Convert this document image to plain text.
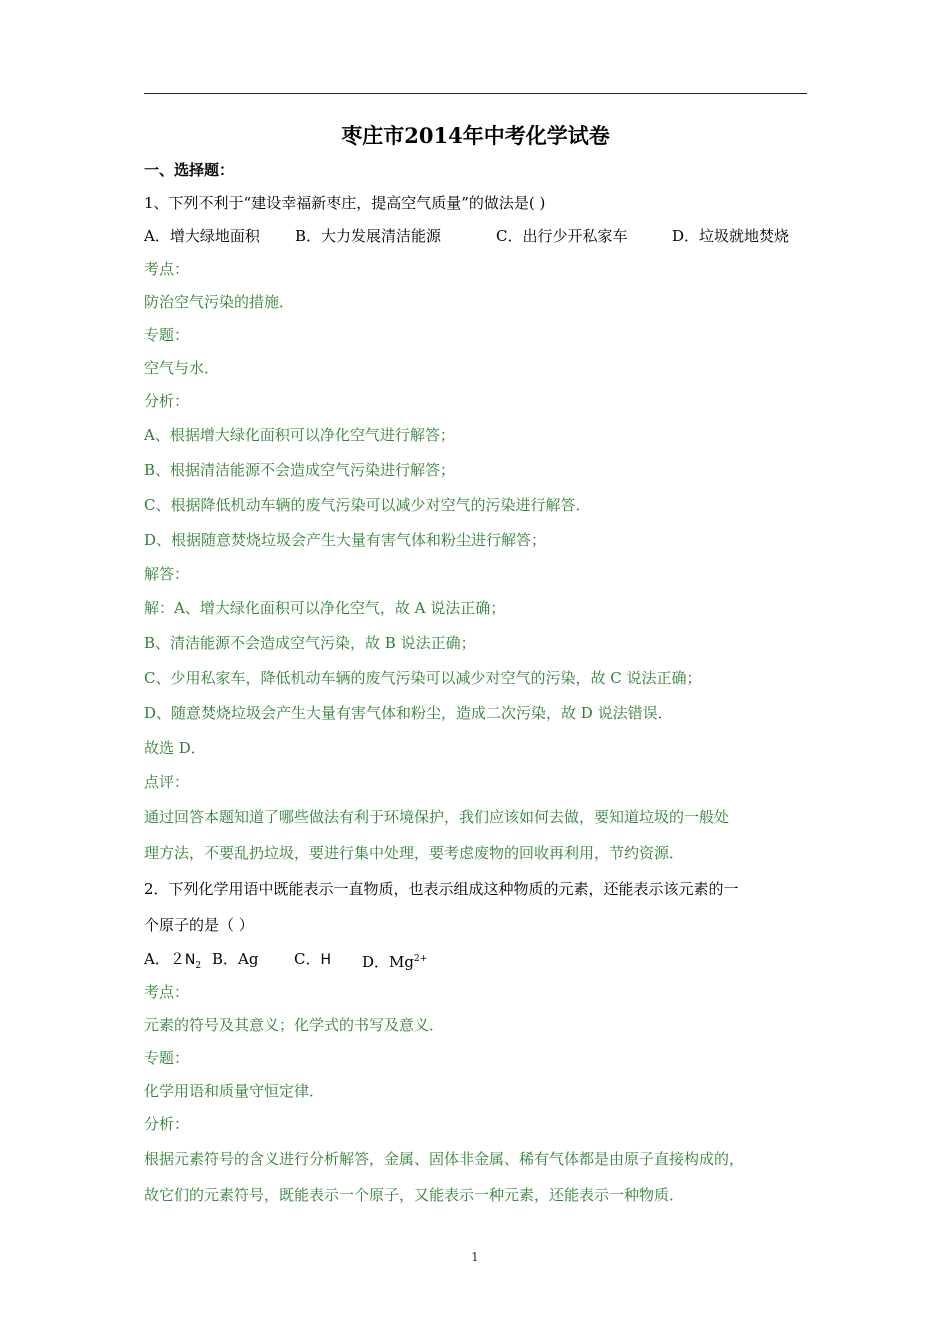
枣庄市2014年中考化学试卷

一、选择题：

1、下列不利于“建设幸福新枣庄，提高空气质量”的做法是( )

A．增大绿地面积	B．大力发展清洁能源	C．出行少开私家车	D．垃圾就地焚烧

考点：

防治空气污染的措施．

专题：

空气与水．

分析：

A、根据增大绿化面积可以净化空气进行解答；

B、根据清洁能源不会造成空气污染进行解答；

C、根据降低机动车辆的废气污染可以减少对空气的污染进行解答．

D、根据随意焚烧垃圾会产生大量有害气体和粉尘进行解答；

解答：

解：A、增大绿化面积可以净化空气，故 A 说法正确；

B、清洁能源不会造成空气污染，故 B 说法正确；

C、少用私家车，降低机动车辆的废气污染可以减少对空气的污染，故 C 说法正确；

D、随意焚烧垃圾会产生大量有害气体和粉尘，造成二次污染，故 D 说法错误．

故选 D．

点评：

通过回答本题知道了哪些做法有利于环境保护，我们应该如何去做，要知道垃圾的一般处

理方法，不要乱扔垃圾，要进行集中处理，要考虑废物的回收再利用，节约资源．

2．下列化学用语中既能表示一直物质，也表示组成这种物质的元素，还能表示该元素的一

个原子的是（ ）

A．$2N_2$ B．Ag	C．H	D．$Mg^{2+}$

考点：

元素的符号及其意义；化学式的书写及意义．

专题：

化学用语和质量守恒定律．

分析：

根据元素符号的含义进行分析解答，金属、固体非金属、稀有气体都是由原子直接构成的，

故它们的元素符号，既能表示一个原子，又能表示一种元素，还能表示一种物质．

1
